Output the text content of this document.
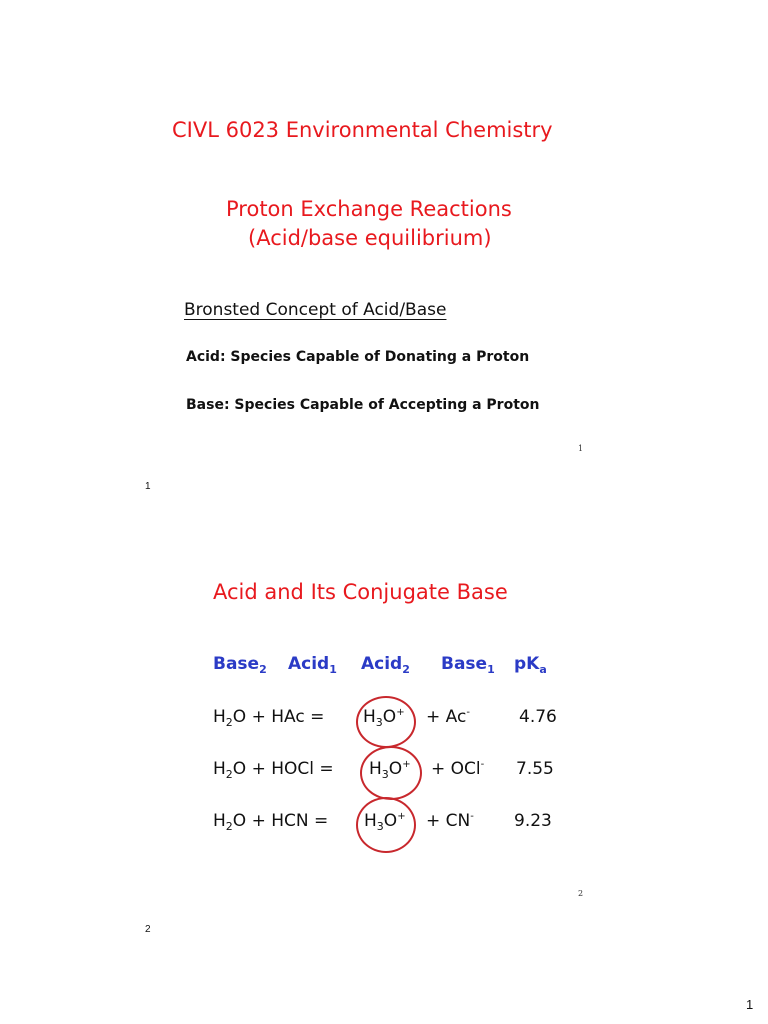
CIVL 6023 Environmental Chemistry
Proton Exchange Reactions
(Acid/base equilibrium)
Bronsted Concept of Acid/Base
Acid: Species Capable of Donating a Proton
Base: Species Capable of Accepting a Proton
1
1
Acid and Its Conjugate Base
Base$_2$ Acid$_1$ Acid$_2$ Base$_1$ $pK_a$
$H_2O$ + HAc = $H_3O^+ + Ac^-$	4.76
$H_2O$ + HOCl = $H_3O^+ + OCl^-$ 7.55
$H_2O$ + HCN = $H_3O^+ + CN^-$ 9.23
2
2
1
